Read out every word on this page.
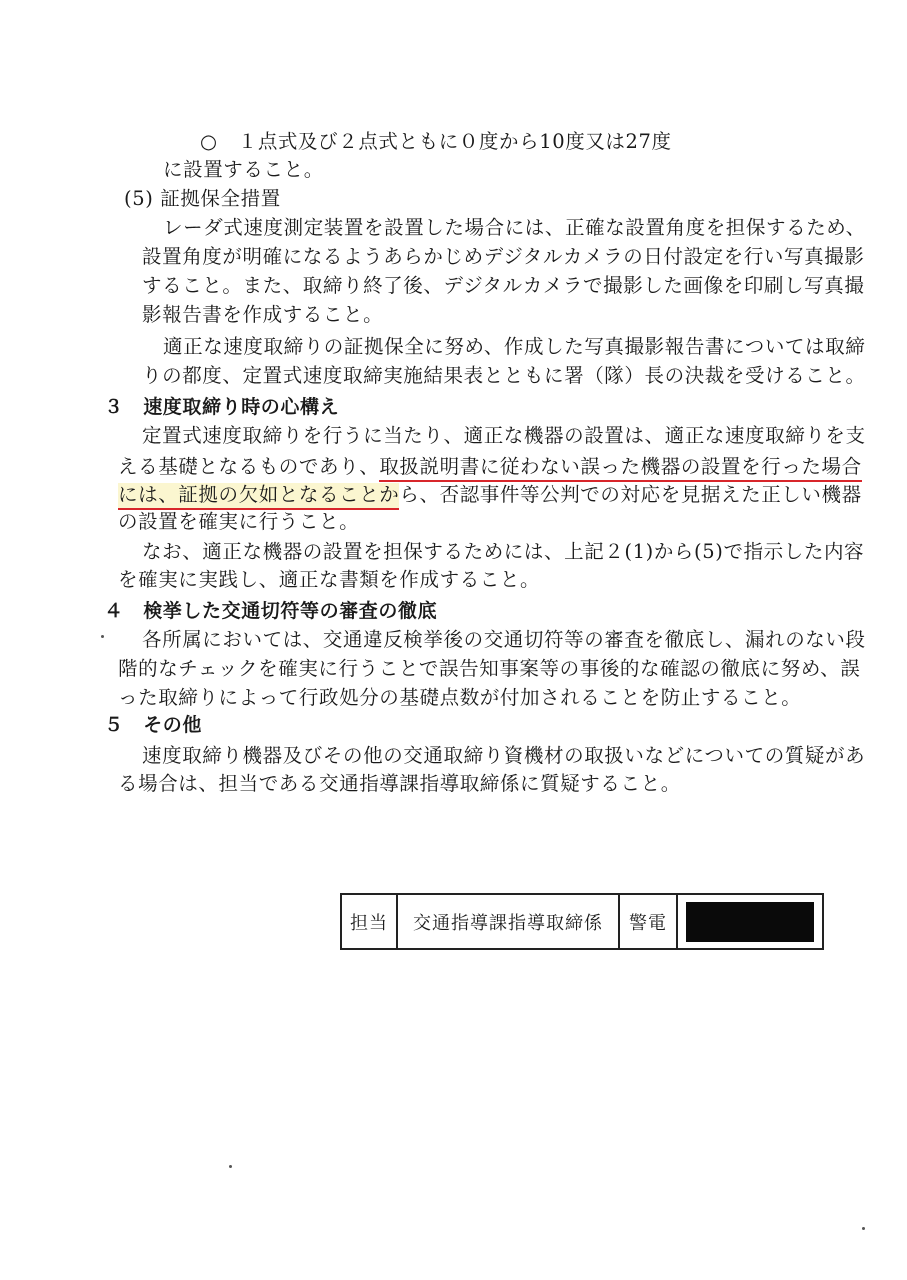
○　１点式及び２点式ともに０度から10度又は27度
に設置すること。
(5) 証拠保全措置
レーダ式速度測定装置を設置した場合には、正確な設置角度を担保するため、
設置角度が明確になるようあらかじめデジタルカメラの日付設定を行い写真撮影
すること。また、取締り終了後、デジタルカメラで撮影した画像を印刷し写真撮
影報告書を作成すること。
適正な速度取締りの証拠保全に努め、作成した写真撮影報告書については取締
りの都度、定置式速度取締実施結果表とともに署（隊）長の決裁を受けること。
３　速度取締り時の心構え
定置式速度取締りを行うに当たり、適正な機器の設置は、適正な速度取締りを支
える基礎となるものであり、取扱説明書に従わない誤った機器の設置を行った場合
には、証拠の欠如となることから、否認事件等公判での対応を見据えた正しい機器
の設置を確実に行うこと。
なお、適正な機器の設置を担保するためには、上記２(1)から(5)で指示した内容
を確実に実践し、適正な書類を作成すること。
４　検挙した交通切符等の審査の徹底
各所属においては、交通違反検挙後の交通切符等の審査を徹底し、漏れのない段
階的なチェックを確実に行うことで誤告知事案等の事後的な確認の徹底に努め、誤
った取締りによって行政処分の基礎点数が付加されることを防止すること。
５　その他
速度取締り機器及びその他の交通取締り資機材の取扱いなどについての質疑があ
る場合は、担当である交通指導課指導取締係に質疑すること。
担当	交通指導課指導取締係	警電
